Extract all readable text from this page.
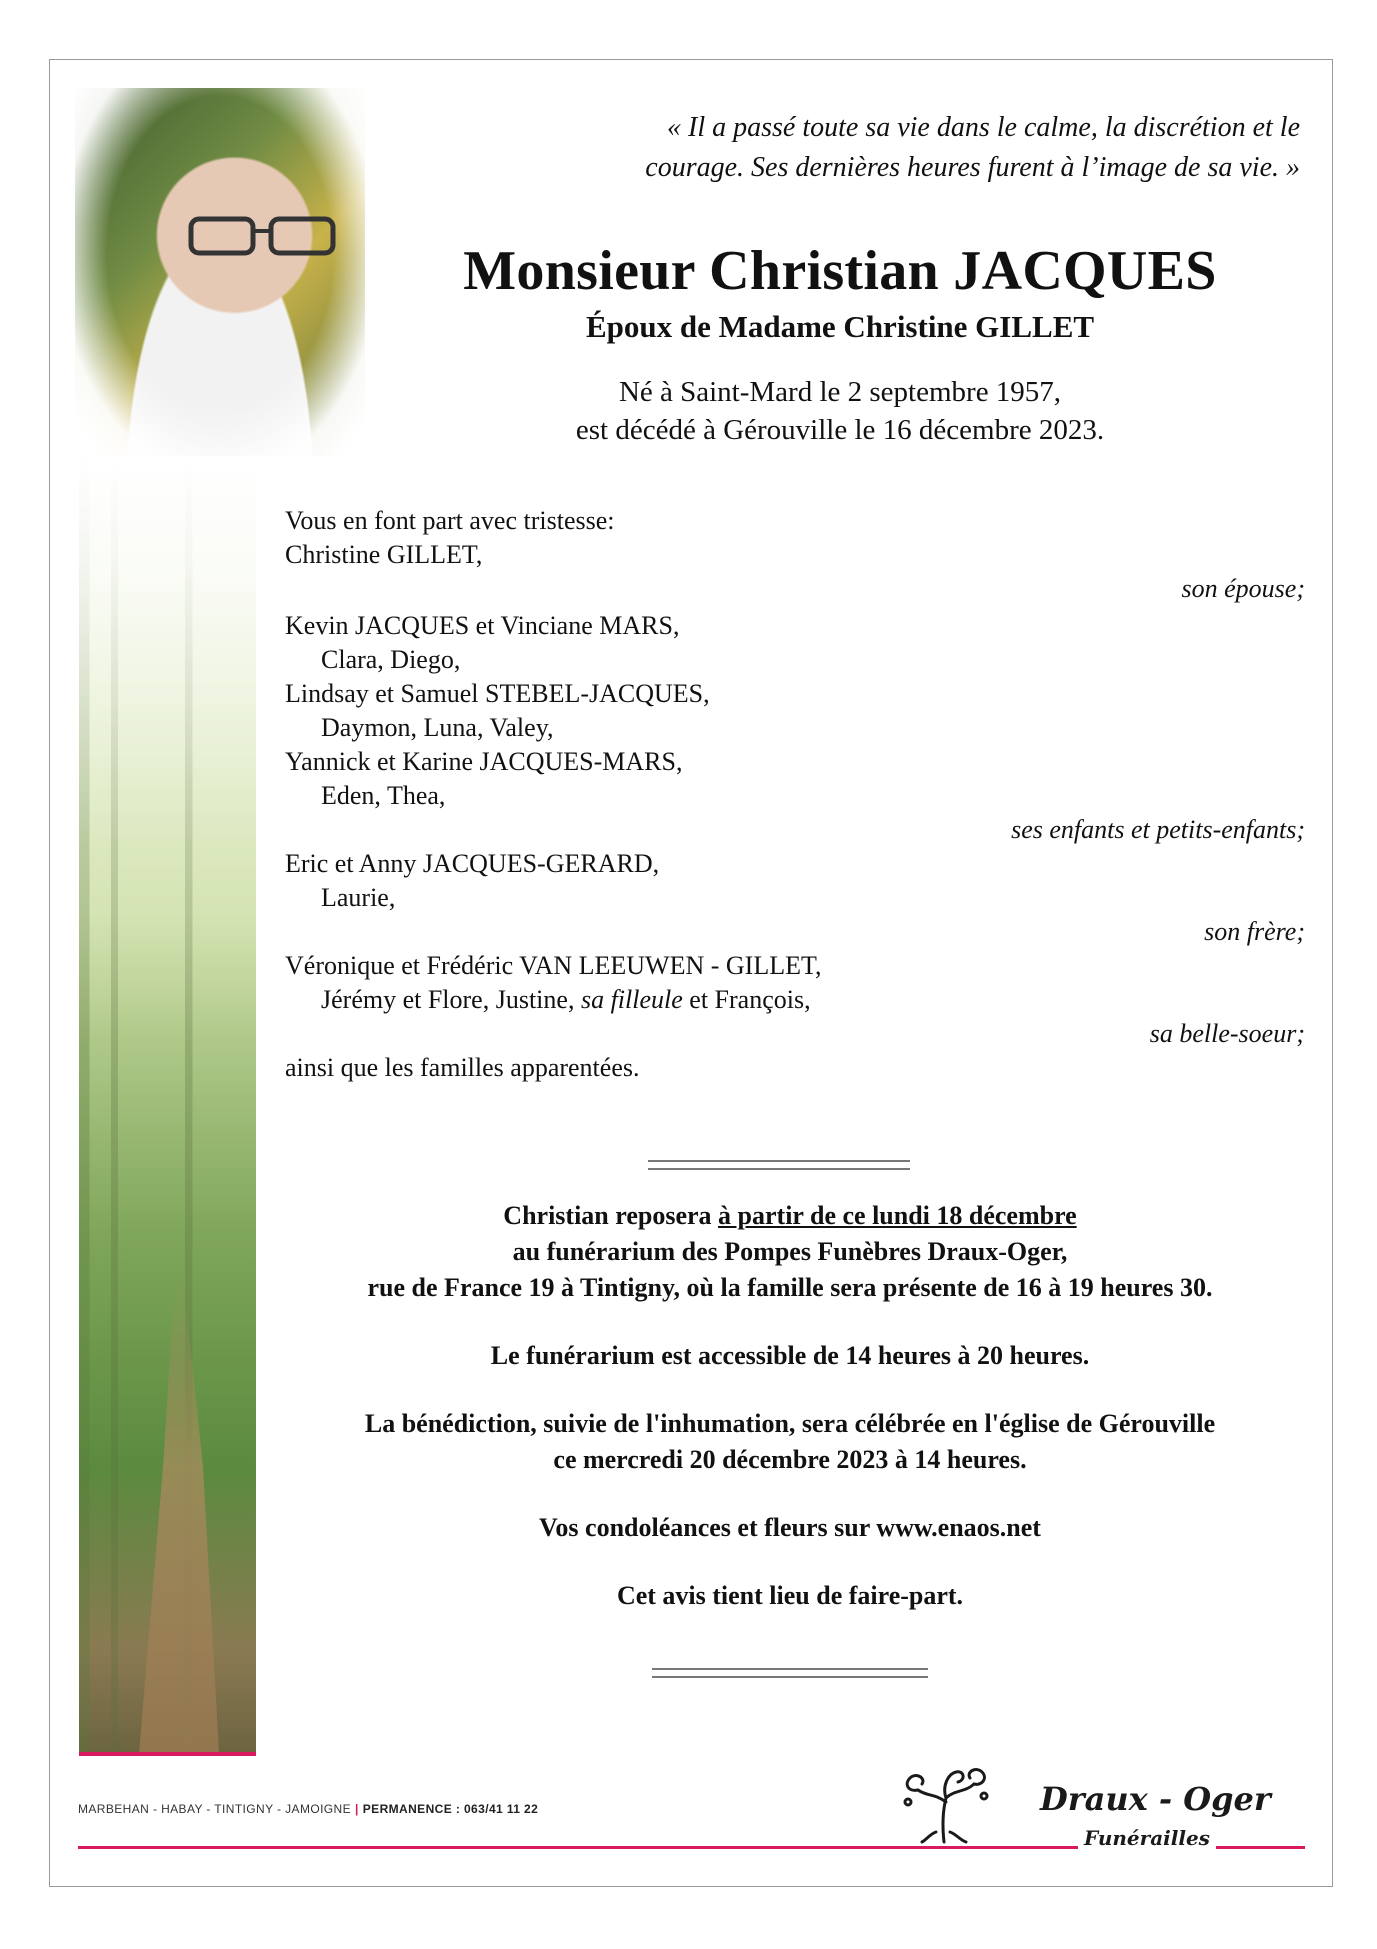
« Il a passé toute sa vie dans le calme, la discrétion et le
courage. Ses dernières heures furent à l’image de sa vie. »
Monsieur Christian JACQUES
Époux de Madame Christine GILLET
Né à Saint-Mard le 2 septembre 1957,
est décédé à Gérouville le 16 décembre 2023.
Vous en font part avec tristesse:
Christine GILLET,
son épouse;
Kevin JACQUES et Vinciane MARS,
Clara, Diego,
Lindsay et Samuel STEBEL-JACQUES,
Daymon, Luna, Valey,
Yannick et Karine JACQUES-MARS,
Eden, Thea,
ses enfants et petits-enfants;
Eric et Anny JACQUES-GERARD,
Laurie,
son frère;
Véronique et Frédéric VAN LEEUWEN - GILLET,
Jérémy et Flore, Justine, sa filleule et François,
sa belle-soeur;
ainsi que les familles apparentées.

Christian reposera à partir de ce lundi 18 décembre
au funérarium des Pompes Funèbres Draux-Oger,
rue de France 19 à Tintigny, où la famille sera présente de 16 à 19 heures 30.

Le funérarium est accessible de 14 heures à 20 heures.

La bénédiction, suivie de l'inhumation, sera célébrée en l'église de Gérouville
ce mercredi 20 décembre 2023 à 14 heures.

Vos condoléances et fleurs sur www.enaos.net

Cet avis tient lieu de faire-part.

MARBEHAN - HABAY - TINTIGNY - JAMOIGNE | PERMANENCE : 063/41 11 22	Draux - Oger
Funérailles
